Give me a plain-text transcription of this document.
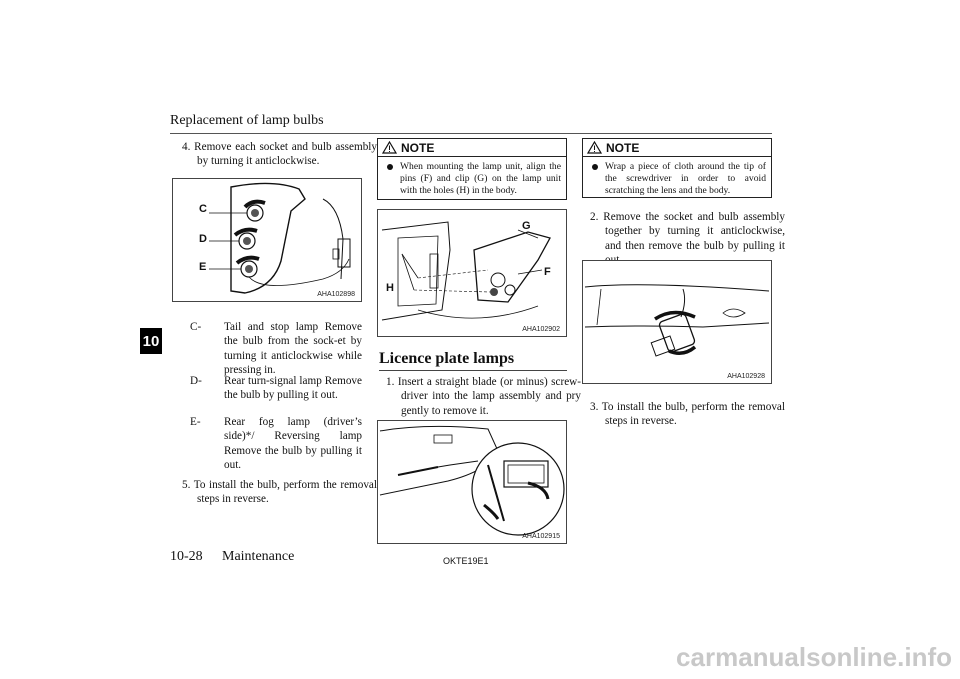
Replacement of lamp bulbs
10
4. Remove each socket and bulb assembly by turning it anticlockwise.
C
D
E
AHA102898
C- Tail and stop lamp Remove the bulb from the sock-et by turning it anticlockwise while pressing in.
D- Rear turn-signal lamp Remove the bulb by pulling it out.
E- Rear fog lamp (driver’s side)*/ Reversing lamp Remove the bulb by pulling it out.
5. To install the bulb, perform the removal steps in reverse.
NOTE
When mounting the lamp unit, align the pins (F) and clip (G) on the lamp unit with the holes (H) in the body.
G
F
H
AHA102902
Licence plate lamps
1. Insert a straight blade (or minus) screw-driver into the lamp assembly and pry gently to remove it.
AHA102915
NOTE
Wrap a piece of cloth around the tip of the screwdriver in order to avoid scratching the lens and the body.
2. Remove the socket and bulb assembly together by turning it anticlockwise, and then remove the bulb by pulling it
AHA102928
3. To install the bulb, perform the removal steps in reverse.
10-28 Maintenance	OKTE19E1
carmanualsonline.info
